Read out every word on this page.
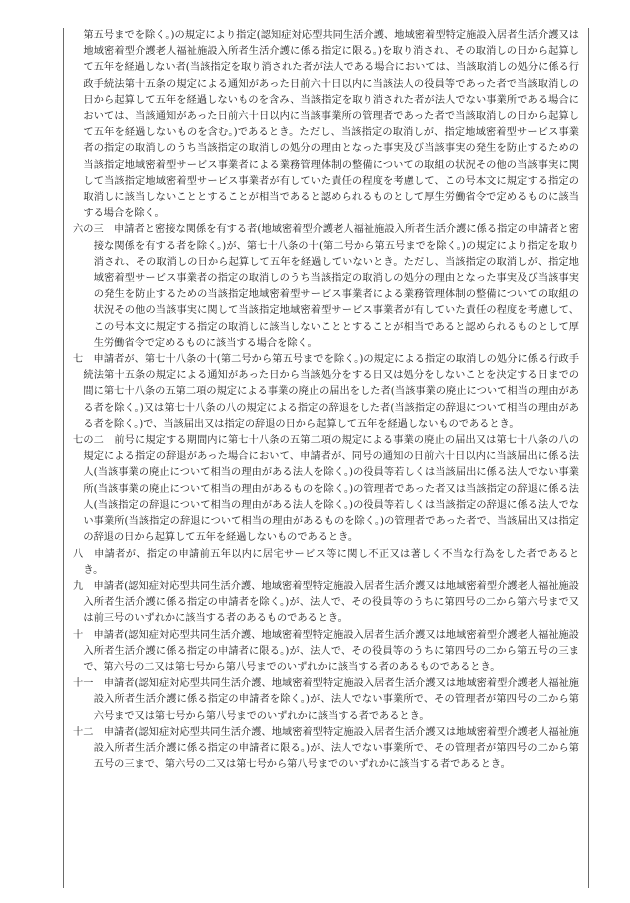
第五号までを除く。)の規定により指定(認知症対応型共同生活介護、地域密着型特定施設入居者生活介護又は地域密着型介護老人福祉施設入所者生活介護に係る指定に限る。)を取り消され、その取消しの日から起算して五年を経過しない者(当該指定を取り消された者が法人である場合においては、当該取消しの処分に係る行政手続法第十五条の規定による通知があった日前六十日以内に当該法人の役員等であった者で当該取消しの日から起算して五年を経過しないものを含み、当該指定を取り消された者が法人でない事業所である場合においては、当該通知があった日前六十日以内に当該事業所の管理者であった者で当該取消しの日から起算して五年を経過しないものを含む。)であるとき。ただし、当該指定の取消しが、指定地域密着型サービス事業者の指定の取消しのうち当該指定の取消しの処分の理由となった事実及び当該事実の発生を防止するための当該指定地域密着型サービス事業者による業務管理体制の整備についての取組の状況その他の当該事実に関して当該指定地域密着型サービス事業者が有していた責任の程度を考慮して、この号本文に規定する指定の取消しに該当しないこととすることが相当であると認められるものとして厚生労働省令で定めるものに該当する場合を除く。

六の三　申請者と密接な関係を有する者(地域密着型介護老人福祉施設入所者生活介護に係る指定の申請者と密接な関係を有する者を除く。)が、第七十八条の十(第二号から第五号までを除く。)の規定により指定を取り消され、その取消しの日から起算して五年を経過していないとき。ただし、当該指定の取消しが、指定地域密着型サービス事業者の指定の取消しのうち当該指定の取消しの処分の理由となった事実及び当該事実の発生を防止するための当該指定地域密着型サービス事業者による業務管理体制の整備についての取組の状況その他の当該事実に関して当該指定地域密着型サービス事業者が有していた責任の程度を考慮して、この号本文に規定する指定の取消しに該当しないこととすることが相当であると認められるものとして厚生労働省令で定めるものに該当する場合を除く。

七　申請者が、第七十八条の十(第二号から第五号までを除く。)の規定による指定の取消しの処分に係る行政手続法第十五条の規定による通知があった日から当該処分をする日又は処分をしないことを決定する日までの間に第七十八条の五第二項の規定による事業の廃止の届出をした者(当該事業の廃止について相当の理由がある者を除く。)又は第七十八条の八の規定による指定の辞退をした者(当該指定の辞退について相当の理由がある者を除く。)で、当該届出又は指定の辞退の日から起算して五年を経過しないものであるとき。

七の二　前号に規定する期間内に第七十八条の五第二項の規定による事業の廃止の届出又は第七十八条の八の規定による指定の辞退があった場合において、申請者が、同号の通知の日前六十日以内に当該届出に係る法人(当該事業の廃止について相当の理由がある法人を除く。)の役員等若しくは当該届出に係る法人でない事業所(当該事業の廃止について相当の理由があるものを除く。)の管理者であった者又は当該指定の辞退に係る法人(当該指定の辞退について相当の理由がある法人を除く。)の役員等若しくは当該指定の辞退に係る法人でない事業所(当該指定の辞退について相当の理由があるものを除く。)の管理者であった者で、当該届出又は指定の辞退の日から起算して五年を経過しないものであるとき。

八　申請者が、指定の申請前五年以内に居宅サービス等に関し不正又は著しく不当な行為をした者であるとき。

九　申請者(認知症対応型共同生活介護、地域密着型特定施設入居者生活介護又は地域密着型介護老人福祉施設入所者生活介護に係る指定の申請者を除く。)が、法人で、その役員等のうちに第四号の二から第六号まで又は前三号のいずれかに該当する者のあるものであるとき。

十　申請者(認知症対応型共同生活介護、地域密着型特定施設入居者生活介護又は地域密着型介護老人福祉施設入所者生活介護に係る指定の申請者に限る。)が、法人で、その役員等のうちに第四号の二から第五号の三まで、第六号の二又は第七号から第八号までのいずれかに該当する者のあるものであるとき。

十一　申請者(認知症対応型共同生活介護、地域密着型特定施設入居者生活介護又は地域密着型介護老人福祉施設入所者生活介護に係る指定の申請者を除く。)が、法人でない事業所で、その管理者が第四号の二から第六号まで又は第七号から第八号までのいずれかに該当する者であるとき。

十二　申請者(認知症対応型共同生活介護、地域密着型特定施設入居者生活介護又は地域密着型介護老人福祉施設入所者生活介護に係る指定の申請者に限る。)が、法人でない事業所で、その管理者が第四号の二から第五号の三まで、第六号の二又は第七号から第八号までのいずれかに該当する者であるとき。
